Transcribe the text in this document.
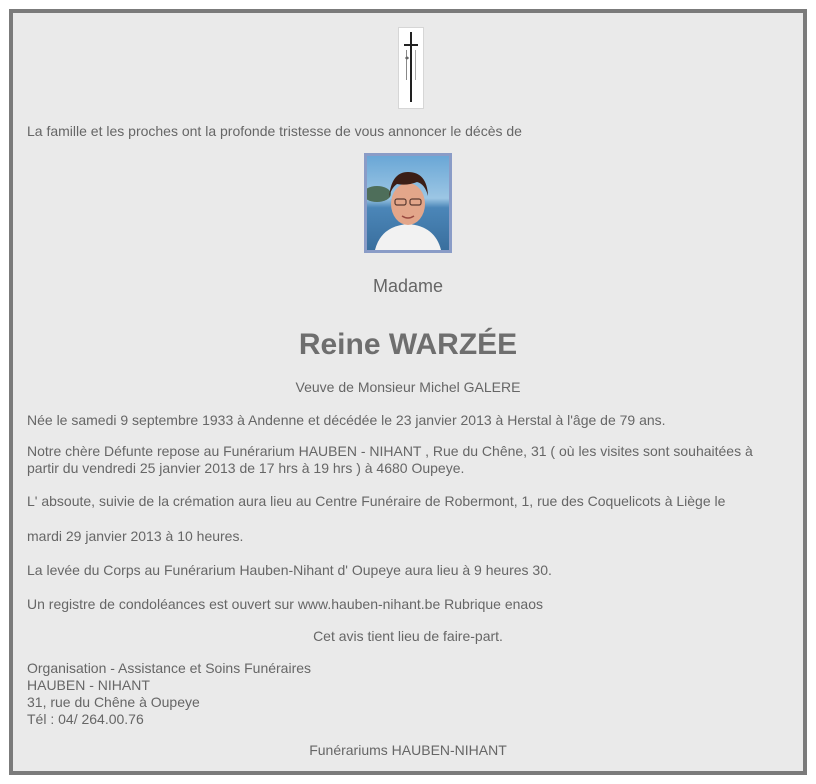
La famille et les proches ont la profonde tristesse de vous annoncer le décès de

Madame

Reine WARZÉE

Veuve de Monsieur Michel GALERE

Née le samedi 9 septembre 1933 à Andenne et décédée le 23 janvier 2013 à Herstal à l'âge de 79 ans.

Notre chère Défunte repose au Funérarium HAUBEN - NIHANT , Rue du Chêne, 31 ( où les visites sont souhaitées à partir du vendredi 25 janvier 2013 de 17 hrs à 19 hrs ) à 4680 Oupeye.

L' absoute, suivie de la crémation aura lieu au Centre Funéraire de Robermont, 1, rue des Coquelicots à Liège le

mardi 29 janvier 2013 à 10 heures.

La levée du Corps au Funérarium Hauben-Nihant d' Oupeye aura lieu à 9 heures 30.

Un registre de condoléances est ouvert sur www.hauben-nihant.be Rubrique enaos

Cet avis tient lieu de faire-part.

Organisation - Assistance et Soins Funéraires
HAUBEN - NIHANT
31, rue du Chêne à Oupeye
Tél : 04/ 264.00.76

Funérariums HAUBEN-NIHANT
